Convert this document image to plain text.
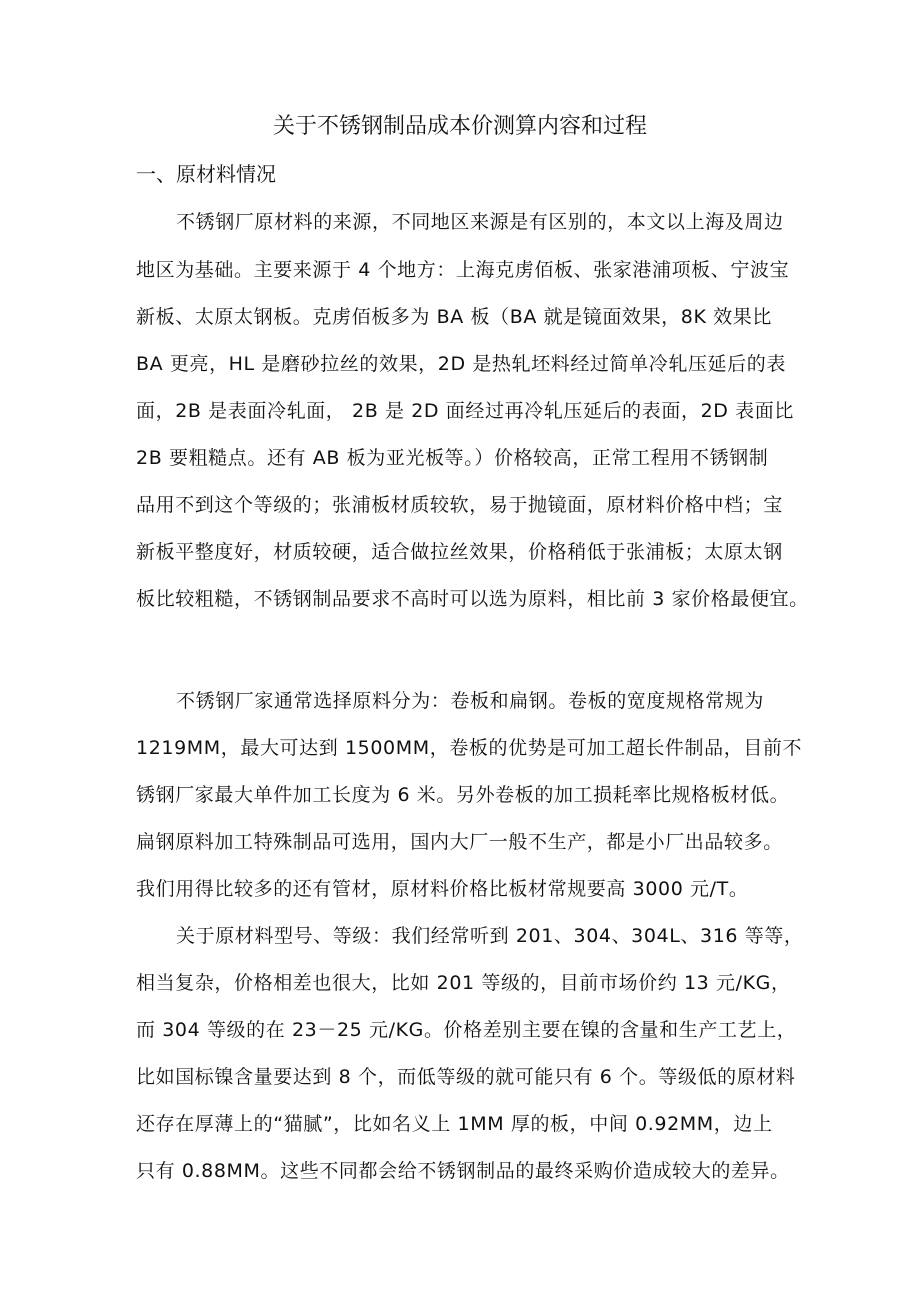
关于不锈钢制品成本价测算内容和过程
一、原材料情况
不锈钢厂原材料的来源，不同地区来源是有区别的，本文以上海及周边
地区为基础。主要来源于 4 个地方：上海克虏佰板、张家港浦项板、宁波宝
新板、太原太钢板。克虏佰板多为 BA 板（BA 就是镜面效果，8K 效果比
BA 更亮，HL 是磨砂拉丝的效果，2D 是热轧坯料经过简单冷轧压延后的表
面，2B 是表面冷轧面， 2B 是 2D 面经过再冷轧压延后的表面，2D 表面比
2B 要粗糙点。还有 AB 板为亚光板等。）价格较高，正常工程用不锈钢制
品用不到这个等级的；张浦板材质较软，易于抛镜面，原材料价格中档；宝
新板平整度好，材质较硬，适合做拉丝效果，价格稍低于张浦板；太原太钢
板比较粗糙，不锈钢制品要求不高时可以选为原料，相比前 3 家价格最便宜。
不锈钢厂家通常选择原料分为：卷板和扁钢。卷板的宽度规格常规为
1219MM，最大可达到 1500MM，卷板的优势是可加工超长件制品，目前不
锈钢厂家最大单件加工长度为 6 米。另外卷板的加工损耗率比规格板材低。
扁钢原料加工特殊制品可选用，国内大厂一般不生产，都是小厂出品较多。
我们用得比较多的还有管材，原材料价格比板材常规要高 3000 元/T。
关于原材料型号、等级：我们经常听到 201、304、304L、316 等等，
相当复杂，价格相差也很大，比如 201 等级的，目前市场价约 13 元/KG，
而 304 等级的在 23－25 元/KG。价格差别主要在镍的含量和生产工艺上，
比如国标镍含量要达到 8 个，而低等级的就可能只有 6 个。等级低的原材料
还存在厚薄上的“猫腻”，比如名义上 1MM 厚的板，中间 0.92MM，边上
只有 0.88MM。这些不同都会给不锈钢制品的最终采购价造成较大的差异。
